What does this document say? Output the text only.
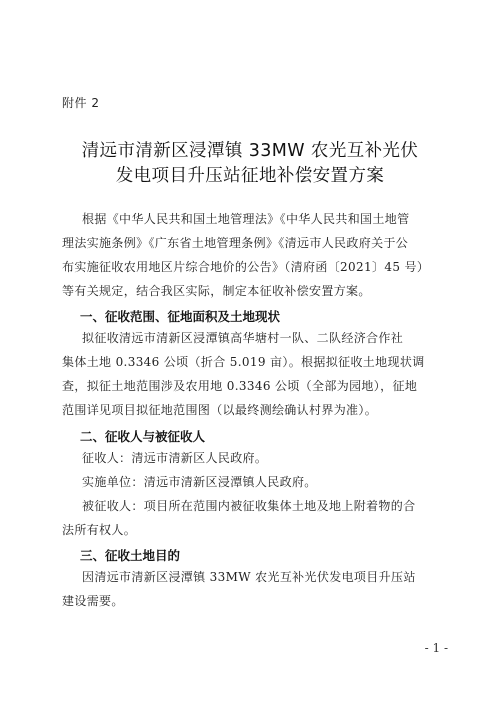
附件 2
清远市清新区浸潭镇 33MW 农光互补光伏
发电项目升压站征地补偿安置方案
根据《中华人民共和国土地管理法》《中华人民共和国土地管
理法实施条例》《广东省土地管理条例》《清远市人民政府关于公
布实施征收农用地区片综合地价的公告》（清府函〔2021〕45 号）
等有关规定，结合我区实际，制定本征收补偿安置方案。
一、征收范围、征地面积及土地现状
拟征收清远市清新区浸潭镇高华塘村一队、二队经济合作社
集体土地 0.3346 公顷（折合 5.019 亩）。根据拟征收土地现状调
查，拟征土地范围涉及农用地 0.3346 公顷（全部为园地），征地
范围详见项目拟征地范围图（以最终测绘确认村界为准）。
二、征收人与被征收人
征收人：清远市清新区人民政府。
实施单位：清远市清新区浸潭镇人民政府。
被征收人：项目所在范围内被征收集体土地及地上附着物的合
法所有权人。
三、征收土地目的
因清远市清新区浸潭镇 33MW 农光互补光伏发电项目升压站
建设需要。
- 1 -
